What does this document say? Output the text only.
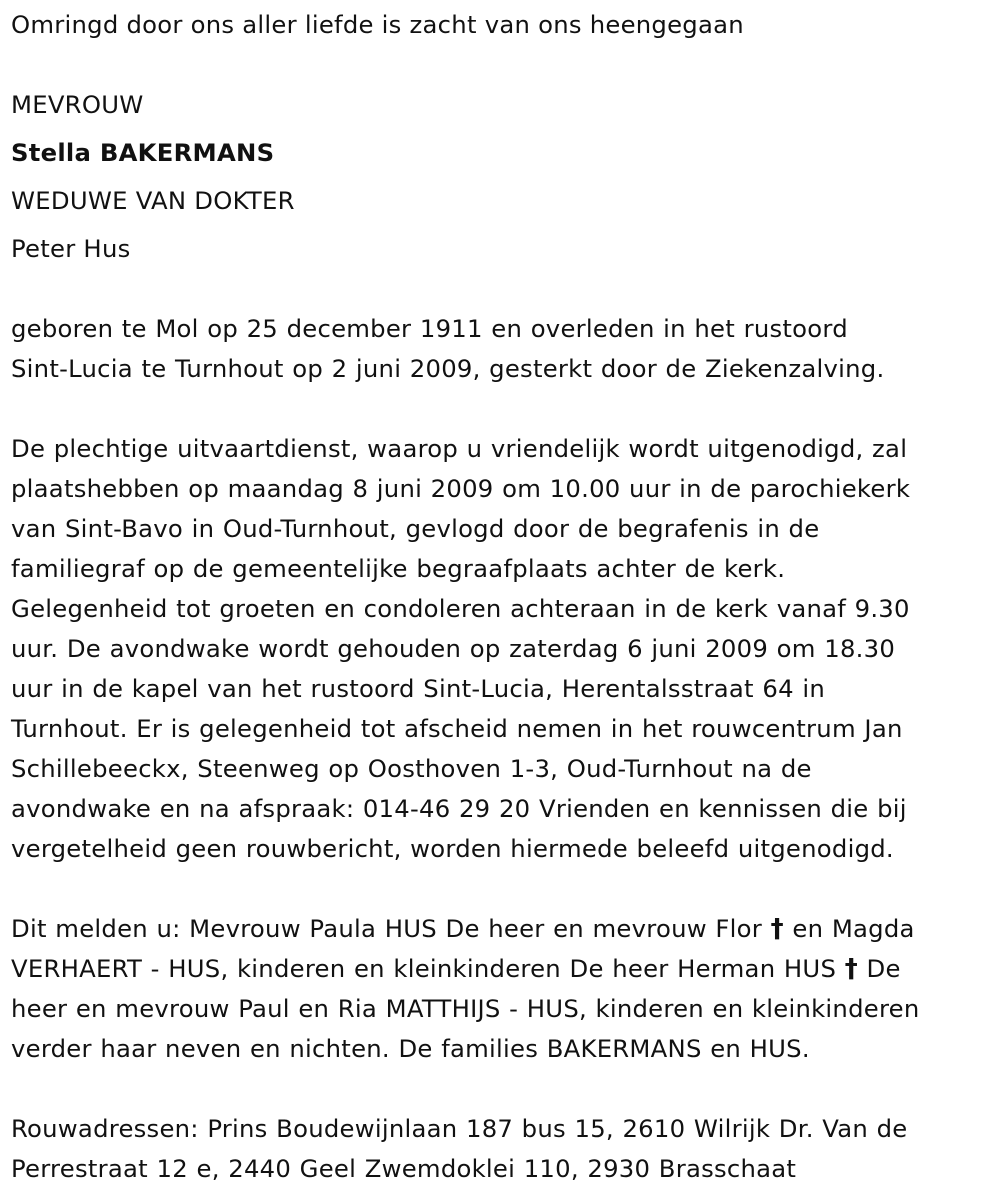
Omringd door ons aller liefde is zacht van ons heengegaan

MEVROUW

Stella BAKERMANS

WEDUWE VAN DOKTER

Peter Hus

geboren te Mol op 25 december 1911 en overleden in het rustoord

Sint-Lucia te Turnhout op 2 juni 2009, gesterkt door de Ziekenzalving.

De plechtige uitvaartdienst, waarop u vriendelijk wordt uitgenodigd, zal

plaatshebben op maandag 8 juni 2009 om 10.00 uur in de parochiekerk

van Sint-Bavo in Oud-Turnhout, gevlogd door de begrafenis in de

familiegraf op de gemeentelijke begraafplaats achter de kerk.

Gelegenheid tot groeten en condoleren achteraan in de kerk vanaf 9.30

uur. De avondwake wordt gehouden op zaterdag 6 juni 2009 om 18.30

uur in de kapel van het rustoord Sint-Lucia, Herentalsstraat 64 in

Turnhout. Er is gelegenheid tot afscheid nemen in het rouwcentrum Jan

Schillebeeckx, Steenweg op Oosthoven 1-3, Oud-Turnhout na de

avondwake en na afspraak: 014-46 29 20 Vrienden en kennissen die bij

vergetelheid geen rouwbericht, worden hiermede beleefd uitgenodigd.

Dit melden u: Mevrouw Paula HUS De heer en mevrouw Flor † en Magda

VERHAERT - HUS, kinderen en kleinkinderen De heer Herman HUS † De

heer en mevrouw Paul en Ria MATTHIJS - HUS, kinderen en kleinkinderen

verder haar neven en nichten. De families BAKERMANS en HUS.

Rouwadressen: Prins Boudewijnlaan 187 bus 15, 2610 Wilrijk Dr. Van de

Perrestraat 12 e, 2440 Geel Zwemdoklei 110, 2930 Brasschaat
